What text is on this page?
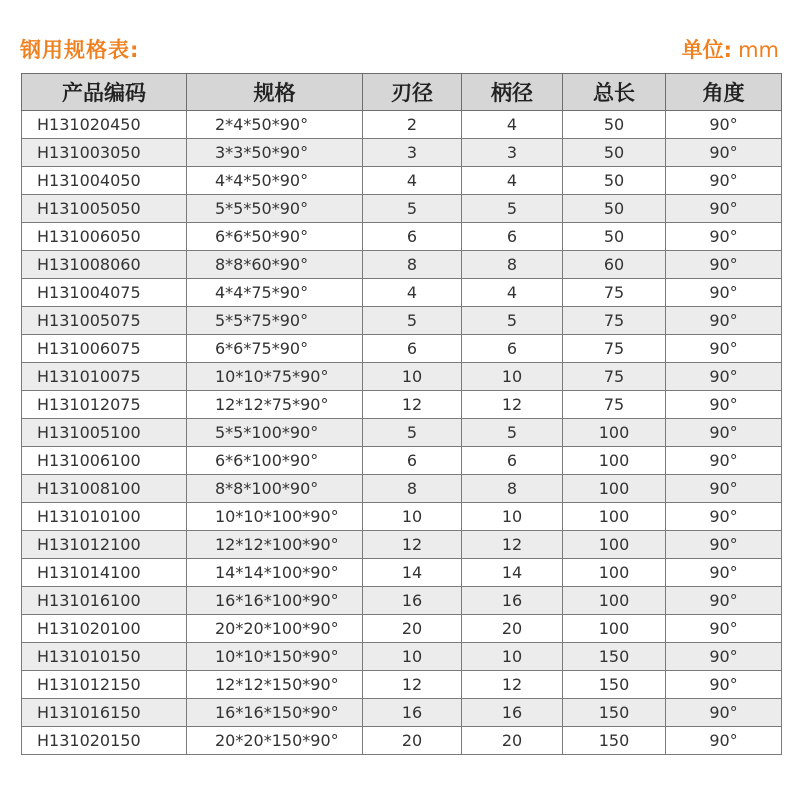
钢用规格表:	单位: mm
产品编码	规格	刃径	柄径	总长	角度
H131020450	2*4*50*90°	2	4	50	90°
H131003050	3*3*50*90°	3	3	50	90°
H131004050	4*4*50*90°	4	4	50	90°
H131005050	5*5*50*90°	5	5	50	90°
H131006050	6*6*50*90°	6	6	50	90°
H131008060	8*8*60*90°	8	8	60	90°
H131004075	4*4*75*90°	4	4	75	90°
H131005075	5*5*75*90°	5	5	75	90°
H131006075	6*6*75*90°	6	6	75	90°
H131010075	10*10*75*90°	10	10	75	90°
H131012075	12*12*75*90°	12	12	75	90°
H131005100	5*5*100*90°	5	5	100	90°
H131006100	6*6*100*90°	6	6	100	90°
H131008100	8*8*100*90°	8	8	100	90°
H131010100	10*10*100*90°	10	10	100	90°
H131012100	12*12*100*90°	12	12	100	90°
H131014100	14*14*100*90°	14	14	100	90°
H131016100	16*16*100*90°	16	16	100	90°
H131020100	20*20*100*90°	20	20	100	90°
H131010150	10*10*150*90°	10	10	150	90°
H131012150	12*12*150*90°	12	12	150	90°
H131016150	16*16*150*90°	16	16	150	90°
H131020150	20*20*150*90°	20	20	150	90°
